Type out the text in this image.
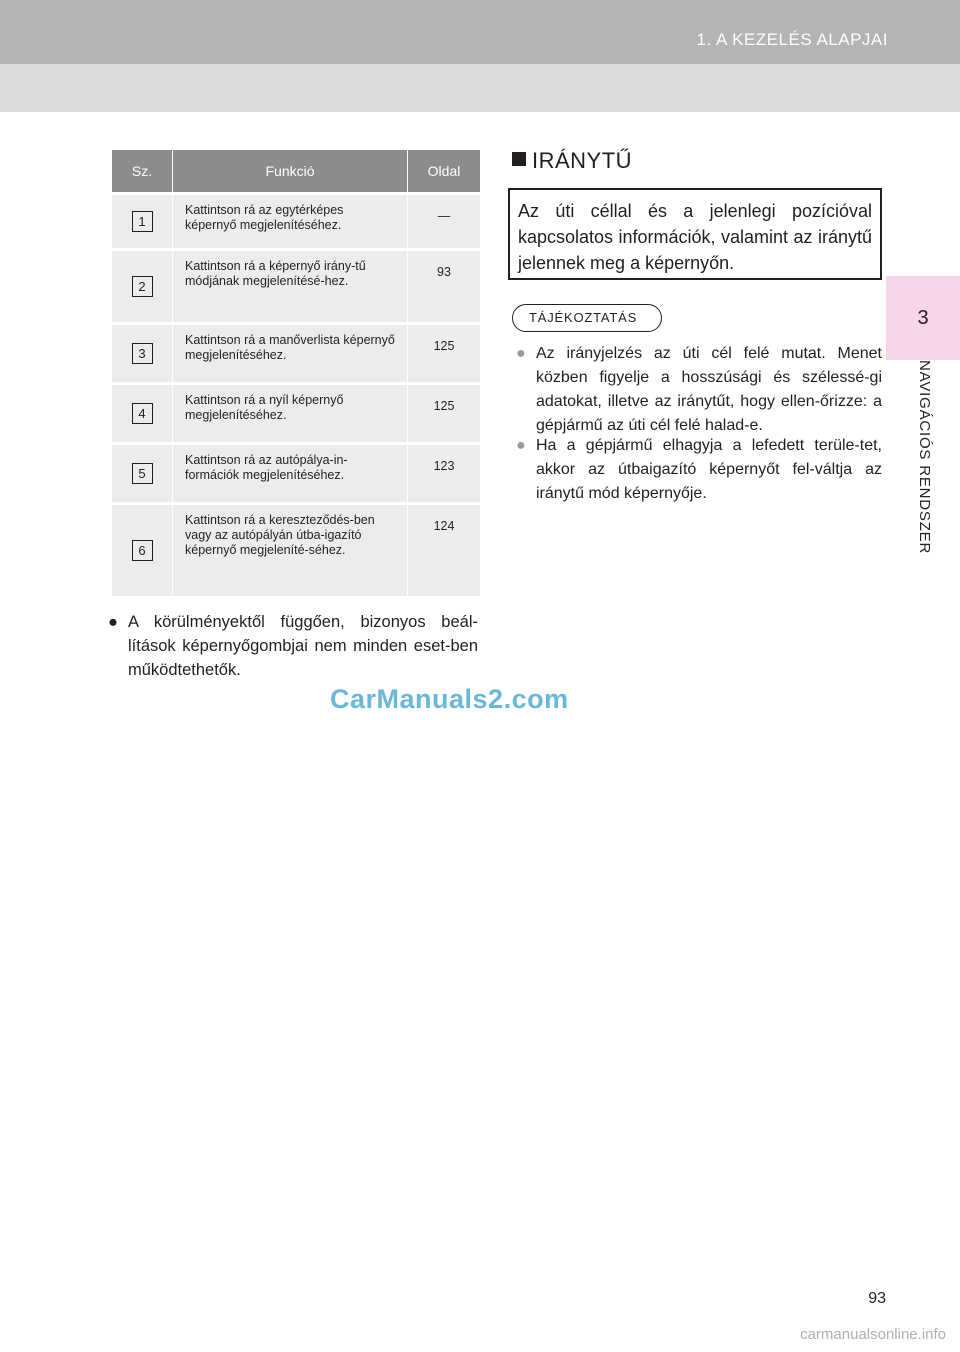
1. A KEZELÉS ALAPJAI
3
NAVIGÁCIÓS RENDSZER
Sz.	Funkció	Oldal
1	Kattintson rá az egytérképes képernyő megjelenítéséhez.	—
2	Kattintson rá a képernyő irány-tű módjának megjelenítésé-hez.	93
3	Kattintson rá a manőverlista képernyő megjelenítéséhez.	125
4	Kattintson rá a nyíl képernyő megjelenítéséhez.	125
5	Kattintson rá az autópálya-in-formációk megjelenítéséhez.	123
6	Kattintson rá a kereszteződés-ben vagy az autópályán útba-igazító képernyő megjeleníté-séhez.	124
● A körülményektől függően, bizonyos beál-lítások képernyőgombjai nem minden eset-ben működtethetők.
IRÁNYTŰ
Az úti céllal és a jelenlegi pozícióval kapcsolatos információk, valamint az iránytű jelennek meg a képernyőn.
TÁJÉKOZTATÁS
● Az irányjelzés az úti cél felé mutat. Menet közben figyelje a hosszúsági és szélessé-gi adatokat, illetve az iránytűt, hogy ellen-őrizze: a gépjármű az úti cél felé halad-e.
● Ha a gépjármű elhagyja a lefedett terüle-tet, akkor az útbaigazító képernyőt fel-váltja az iránytű mód képernyője.
CarManuals2.com
93
carmanualsonline.info
